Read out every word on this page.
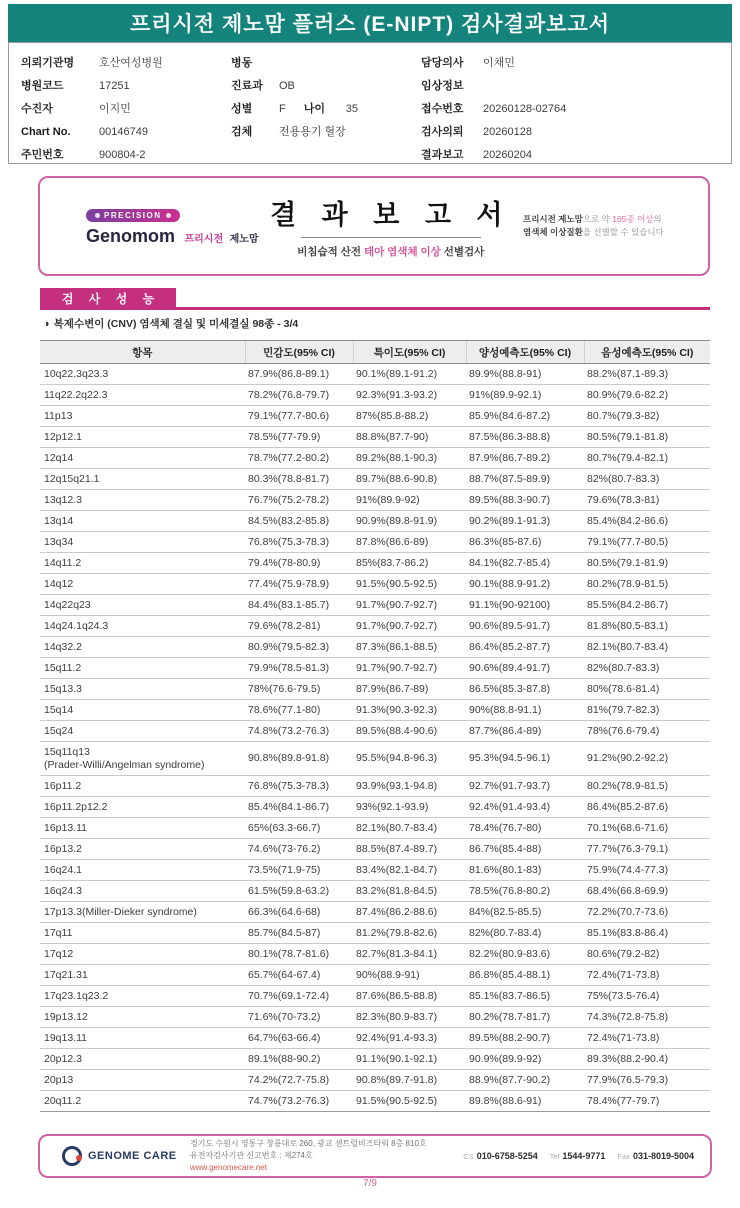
프리시전 제노맘 플러스 (E-NIPT) 검사결과보고서
의뢰기관명	호산여성병원
병원코드	17251
수진자	이지민
Chart No.	00146749
주민번호	900804-2
병동
진료과	OB
성별	F 나이	35
검체	전용용기 혈장
담당의사	이채민
임상정보
접수번호	20260128-02764
검사의뢰	20260128
결과보고	20260204
PRECISION
Genomom 프리시전 제노맘
결 과 보 고 서
비침습적 산전 태아 염색체 이상 선별검사
프리시전 제노맘으로 약 165종 이상의
염색체 이상질환을 선별할 수 있습니다
검 사 성 능
◑ 복제수변이 (CNV) 염색체 결실 및 미세결실 98종 - 3/4
항목	민감도(95% CI)	특이도(95% CI)	양성예측도(95% CI)	음성예측도(95% CI)
10q22.3q23.3	87.9%(86.8-89.1)	90.1%(89.1-91.2)	89.9%(88.8-91)	88.2%(87.1-89.3)
11q22.2q22.3	78.2%(76.8-79.7)	92.3%(91.3-93.2)	91%(89.9-92.1)	80.9%(79.6-82.2)
11p13	79.1%(77.7-80.6)	87%(85.8-88.2)	85.9%(84.6-87.2)	80.7%(79.3-82)
12p12.1	78.5%(77-79.9)	88.8%(87.7-90)	87.5%(86.3-88.8)	80.5%(79.1-81.8)
12q14	78.7%(77.2-80.2)	89.2%(88.1-90.3)	87.9%(86.7-89.2)	80.7%(79.4-82.1)
12q15q21.1	80.3%(78.8-81.7)	89.7%(88.6-90.8)	88.7%(87.5-89.9)	82%(80.7-83.3)
13q12.3	76.7%(75.2-78.2)	91%(89.9-92)	89.5%(88.3-90.7)	79.6%(78.3-81)
13q14	84.5%(83.2-85.8)	90.9%(89.8-91.9)	90.2%(89.1-91.3)	85.4%(84.2-86.6)
13q34	76.8%(75.3-78.3)	87.8%(86.6-89)	86.3%(85-87.6)	79.1%(77.7-80.5)
14q11.2	79.4%(78-80.9)	85%(83.7-86.2)	84.1%(82.7-85.4)	80.5%(79.1-81.9)
14q12	77.4%(75.9-78.9)	91.5%(90.5-92.5)	90.1%(88.9-91.2)	80.2%(78.9-81.5)
14q22q23	84.4%(83.1-85.7)	91.7%(90.7-92.7)	91.1%(90-92100)	85.5%(84.2-86.7)
14q24.1q24.3	79.6%(78.2-81)	91.7%(90.7-92.7)	90.6%(89.5-91.7)	81.8%(80.5-83.1)
14q32.2	80.9%(79.5-82.3)	87.3%(86.1-88.5)	86.4%(85.2-87.7)	82.1%(80.7-83.4)
15q11.2	79.9%(78.5-81.3)	91.7%(90.7-92.7)	90.6%(89.4-91.7)	82%(80.7-83.3)
15q13.3	78%(76.6-79.5)	87.9%(86.7-89)	86.5%(85.3-87.8)	80%(78.6-81.4)
15q14	78.6%(77.1-80)	91.3%(90.3-92.3)	90%(88.8-91.1)	81%(79.7-82.3)
15q24	74.8%(73.2-76.3)	89.5%(88.4-90.6)	87.7%(86.4-89)	78%(76.6-79.4)
15q11q13
(Prader-Willi/Angelman syndrome)	90.8%(89.8-91.8)	95.5%(94.8-96.3)	95.3%(94.5-96.1)	91.2%(90.2-92.2)
16p11.2	76.8%(75.3-78.3)	93.9%(93.1-94.8)	92.7%(91.7-93.7)	80.2%(78.9-81.5)
16p11.2p12.2	85.4%(84.1-86.7)	93%(92.1-93.9)	92.4%(91.4-93.4)	86.4%(85.2-87.6)
16p13.11	65%(63.3-66.7)	82.1%(80.7-83.4)	78.4%(76.7-80)	70.1%(68.6-71.6)
16p13.2	74.6%(73-76.2)	88.5%(87.4-89.7)	86.7%(85.4-88)	77.7%(76.3-79.1)
16q24.1	73.5%(71.9-75)	83.4%(82.1-84.7)	81.6%(80.1-83)	75.9%(74.4-77.3)
16q24.3	61.5%(59.8-63.2)	83.2%(81.8-84.5)	78.5%(76.8-80.2)	68.4%(66.8-69.9)
17p13.3(Miller-Dieker syndrome)	66.3%(64.6-68)	87.4%(86.2-88.6)	84%(82.5-85.5)	72.2%(70.7-73.6)
17q11	85.7%(84.5-87)	81.2%(79.8-82.6)	82%(80.7-83.4)	85.1%(83.8-86.4)
17q12	80.1%(78.7-81.6)	82.7%(81.3-84.1)	82.2%(80.9-83.6)	80.6%(79.2-82)
17q21.31	65.7%(64-67.4)	90%(88.9-91)	86.8%(85.4-88.1)	72.4%(71-73.8)
17q23.1q23.2	70.7%(69.1-72.4)	87.6%(86.5-88.8)	85.1%(83.7-86.5)	75%(73.5-76.4)
19p13.12	71.6%(70-73.2)	82.3%(80.9-83.7)	80.2%(78.7-81.7)	74.3%(72.8-75.8)
19q13.11	64.7%(63-66.4)	92.4%(91.4-93.3)	89.5%(88.2-90.7)	72.4%(71-73.8)
20p12.3	89.1%(88-90.2)	91.1%(90.1-92.1)	90.9%(89.9-92)	89.3%(88.2-90.4)
20p13	74.2%(72.7-75.8)	90.8%(89.7-91.8)	88.9%(87.7-90.2)	77.9%(76.5-79.3)
20q11.2	74.7%(73.2-76.3)	91.5%(90.5-92.5)	89.8%(88.6-91)	78.4%(77-79.7)
GENOME CARE
경기도 수원시 영통구 창룡대로 260, 광교 센트럴비즈타워 8층 810호
유전자검사기관 신고번호 : 제274호
www.genomecare.net
CS 010-6758-5254 Tel 1544-9771 Fax 031-8019-5004
7/9
